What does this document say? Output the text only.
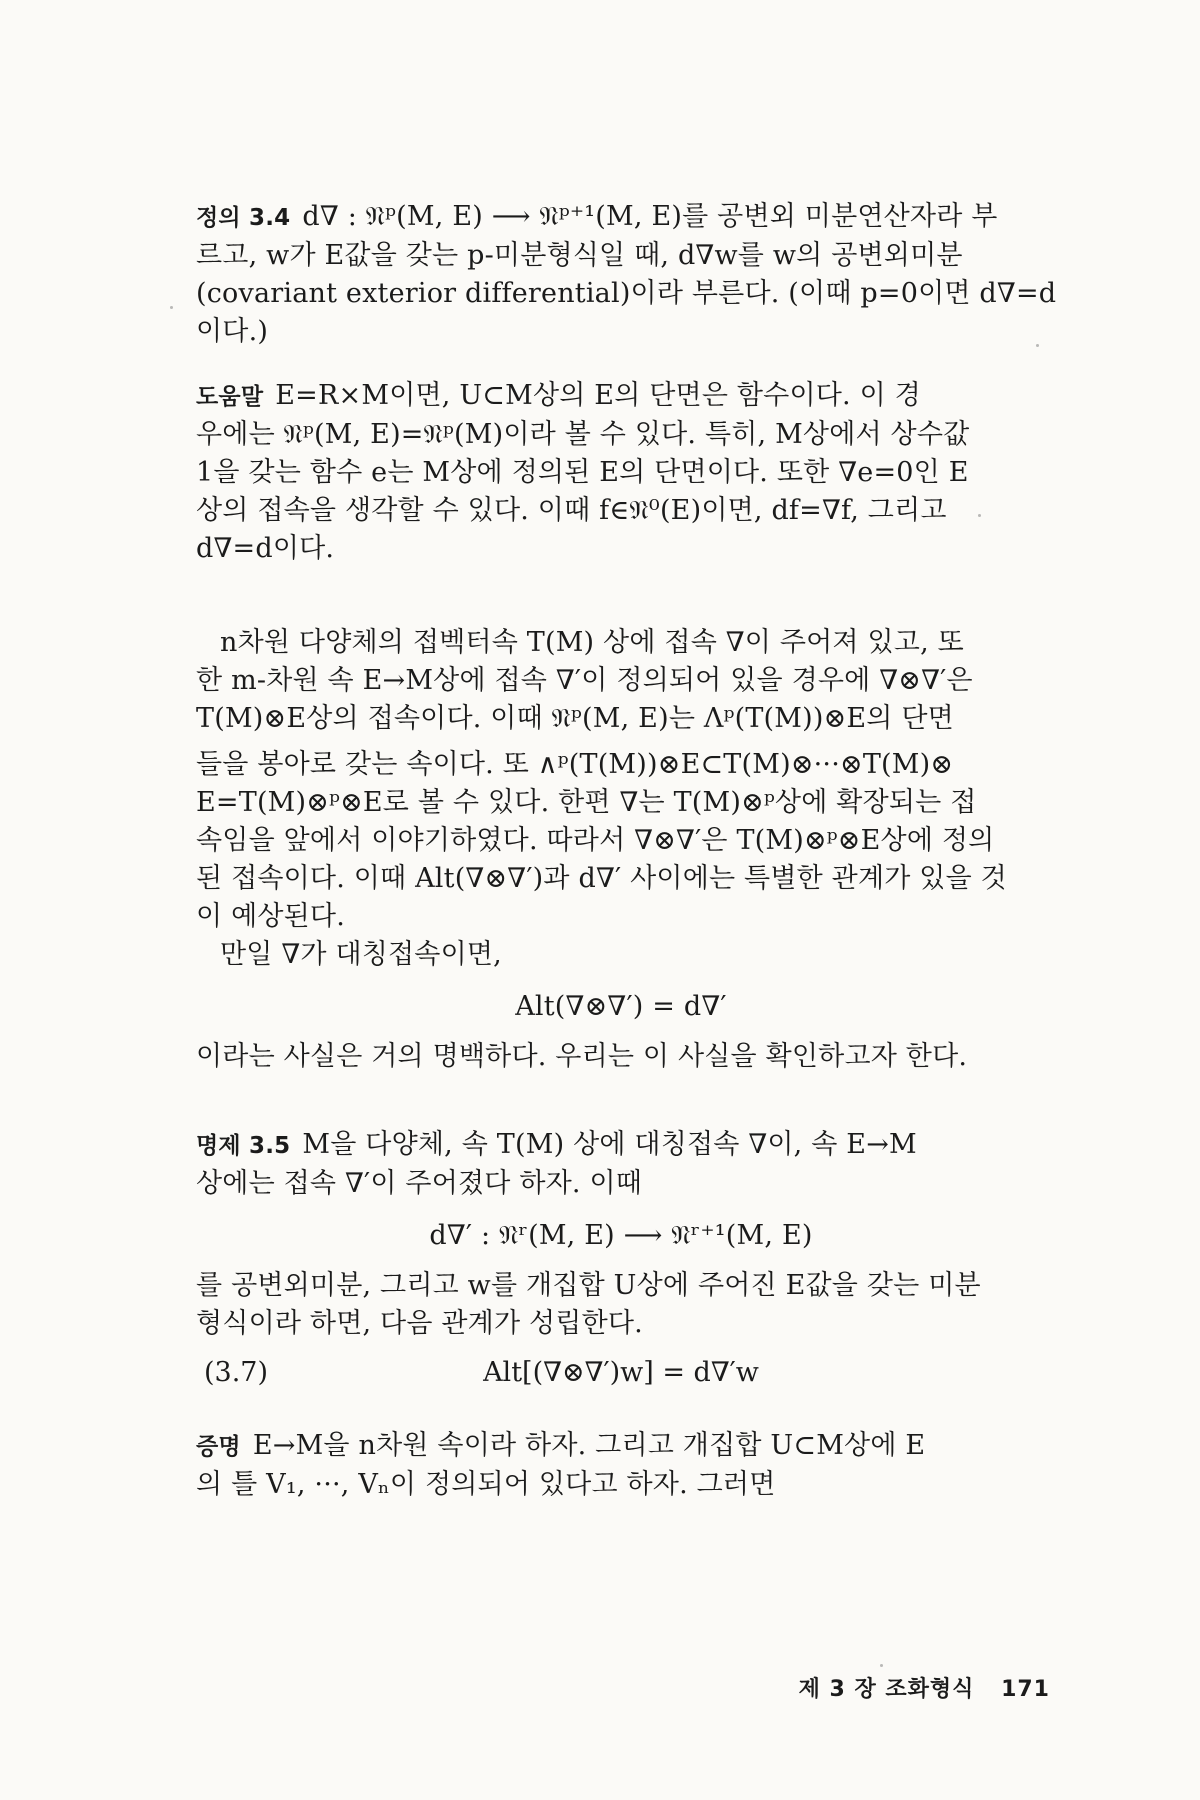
정의 3.4 d∇ : 𝔑ᵖ(M, E) ⟶ 𝔑ᵖ⁺¹(M, E)를 공변외 미분연산자라 부
르고, w가 E값을 갖는 p-미분형식일 때, d∇w를 w의 공변외미분
(covariant exterior differential)이라 부른다. (이때 p=0이면 d∇=d
이다.)
도움말 E=R×M이면, U⊂M상의 E의 단면은 함수이다. 이 경
우에는 𝔑ᵖ(M, E)=𝔑ᵖ(M)이라 볼 수 있다. 특히, M상에서 상수값
1을 갖는 함수 e는 M상에 정의된 E의 단면이다. 또한 ∇e=0인 E
상의 접속을 생각할 수 있다. 이때 f∈𝔑⁰(E)이면, df=∇f, 그리고
d∇=d이다.
n차원 다양체의 접벡터속 T(M) 상에 접속 ∇이 주어져 있고, 또
한 m-차원 속 E→M상에 접속 ∇′이 정의되어 있을 경우에 ∇⊗∇′은
T(M)⊗E상의 접속이다. 이때 𝔑ᵖ(M, E)는 Λᵖ(T(M))⊗E의 단면
들을 봉아로 갖는 속이다. 또 ∧ᵖ(T(M))⊗E⊂T(M)⊗···⊗T(M)⊗
E=T(M)⊗ᵖ⊗E로 볼 수 있다. 한편 ∇는 T(M)⊗ᵖ상에 확장되는 접
속임을 앞에서 이야기하였다. 따라서 ∇⊗∇′은 T(M)⊗ᵖ⊗E상에 정의
된 접속이다. 이때 Alt(∇⊗∇′)과 d∇′ 사이에는 특별한 관계가 있을 것
이 예상된다.
만일 ∇가 대칭접속이면,
Alt(∇⊗∇′) = d∇′
이라는 사실은 거의 명백하다. 우리는 이 사실을 확인하고자 한다.
명제 3.5 M을 다양체, 속 T(M) 상에 대칭접속 ∇이, 속 E→M
상에는 접속 ∇′이 주어졌다 하자. 이때
d∇′ : 𝔑ʳ(M, E) ⟶ 𝔑ʳ⁺¹(M, E)
를 공변외미분, 그리고 w를 개집합 U상에 주어진 E값을 갖는 미분
형식이라 하면, 다음 관계가 성립한다.
(3.7)	Alt[(∇⊗∇′)w] = d∇′w
증명 E→M을 n차원 속이라 하자. 그리고 개집합 U⊂M상에 E
의 틀 V₁, ···, Vₙ이 정의되어 있다고 하자. 그러면
제 3 장 조화형식 171
